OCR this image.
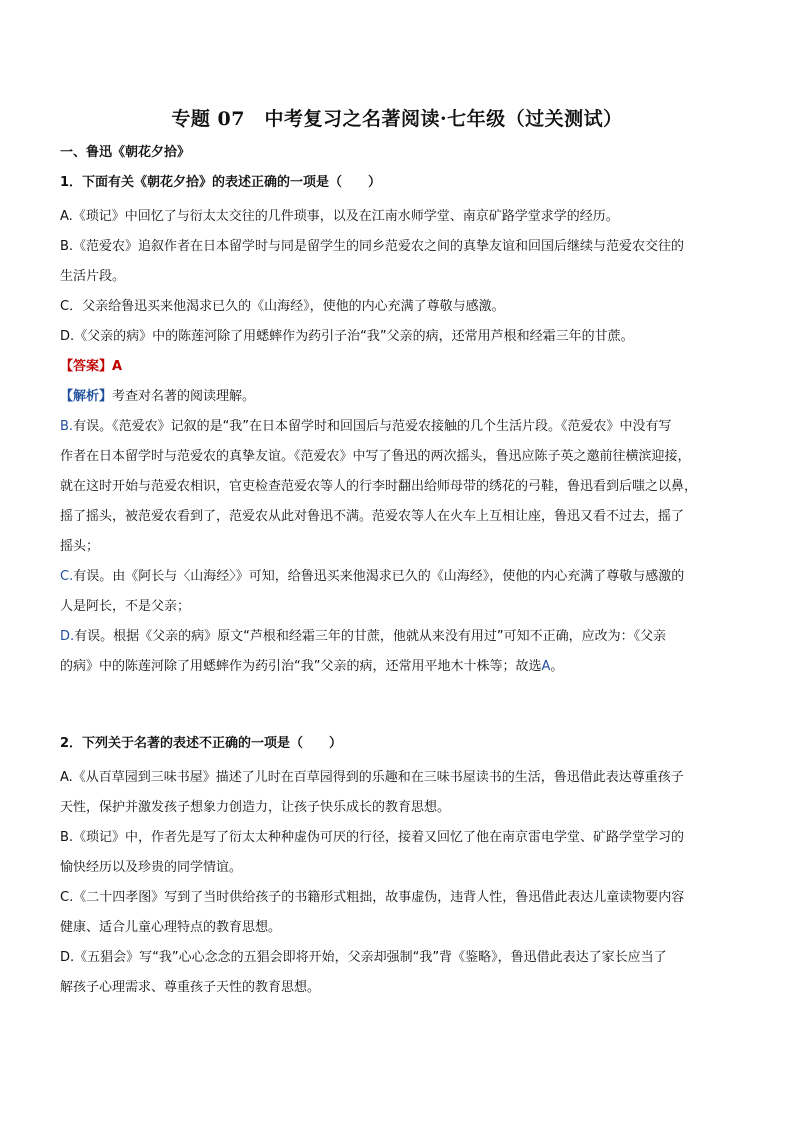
专题 07　中考复习之名著阅读·七年级（过关测试）
一、鲁迅《朝花夕拾》
1．下面有关《朝花夕拾》的表述正确的一项是（　　）
A.《琐记》中回忆了与衍太太交往的几件琐事，以及在江南水师学堂、南京矿路学堂求学的经历。
B.《范爱农》追叙作者在日本留学时与同是留学生的同乡范爱农之间的真挚友谊和回国后继续与范爱农交往的
生活片段。
C．父亲给鲁迅买来他渴求已久的《山海经》，使他的内心充满了尊敬与感激。
D.《父亲的病》中的陈莲河除了用蟋蟀作为药引子治“我”父亲的病，还常用芦根和经霜三年的甘蔗。
【答案】A
【解析】考查对名著的阅读理解。
B.有误。《范爱农》记叙的是“我”在日本留学时和回国后与范爱农接触的几个生活片段。《范爱农》中没有写
作者在日本留学时与范爱农的真挚友谊。《范爱农》中写了鲁迅的两次摇头，鲁迅应陈子英之邀前往横滨迎接，
就在这时开始与范爱农相识，官吏检查范爱农等人的行李时翻出给师母带的绣花的弓鞋，鲁迅看到后嗤之以鼻，
摇了摇头，被范爱农看到了，范爱农从此对鲁迅不满。范爱农等人在火车上互相让座，鲁迅又看不过去，摇了
摇头；
C.有误。由《阿长与〈山海经〉》可知，给鲁迅买来他渴求已久的《山海经》，使他的内心充满了尊敬与感激的
人是阿长，不是父亲；
D.有误。根据《父亲的病》原文“芦根和经霜三年的甘蔗，他就从来没有用过”可知不正确，应改为：《父亲
的病》中的陈莲河除了用蟋蟀作为药引治“我”父亲的病，还常用平地木十株等；故选A。
2．下列关于名著的表述不正确的一项是（　　）
A.《从百草园到三味书屋》描述了儿时在百草园得到的乐趣和在三味书屋读书的生活，鲁迅借此表达尊重孩子
天性，保护并激发孩子想象力创造力，让孩子快乐成长的教育思想。
B.《琐记》中，作者先是写了衍太太种种虚伪可厌的行径，接着又回忆了他在南京雷电学堂、矿路学堂学习的
愉快经历以及珍贵的同学情谊。
C.《二十四孝图》写到了当时供给孩子的书籍形式粗拙，故事虚伪，违背人性，鲁迅借此表达儿童读物要内容
健康、适合儿童心理特点的教育思想。
D.《五猖会》写“我”心心念念的五猖会即将开始，父亲却强制“我”背《鉴略》，鲁迅借此表达了家长应当了
解孩子心理需求、尊重孩子天性的教育思想。
